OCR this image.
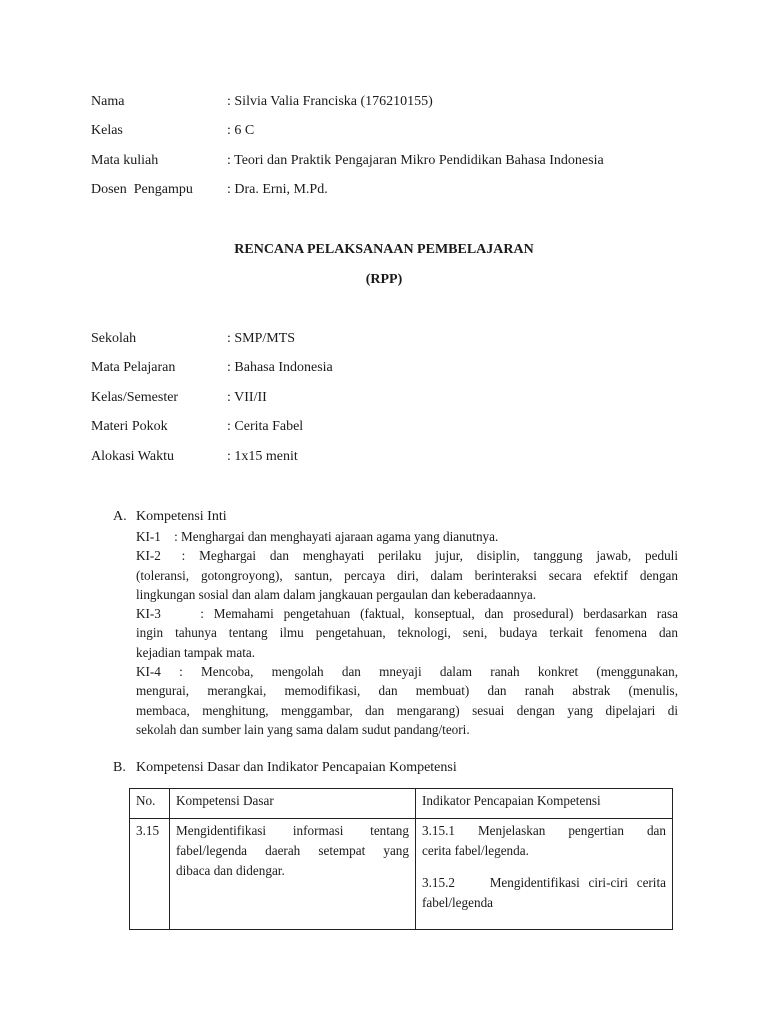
Nama	: Silvia Valia Franciska (176210155)
Kelas	: 6 C
Mata kuliah	: Teori dan Praktik Pengajaran Mikro Pendidikan Bahasa Indonesia
Dosen  Pengampu : Dra. Erni, M.Pd.
RENCANA PELAKSANAAN PEMBELAJARAN
(RPP)
Sekolah	: SMP/MTS
Mata Pelajaran	: Bahasa Indonesia
Kelas/Semester	: VII/II
Materi Pokok	: Cerita Fabel
Alokasi Waktu	: 1x15 menit
A. Kompetensi Inti
KI-1    : Menghargai dan menghayati ajaraan agama yang dianutnya.
KI-2   :  Meghargai  dan  menghayati  perilaku  jujur,  disiplin,  tanggung  jawab,  peduli
(toleransi, gotongroyong), santun, percaya diri, dalam berinteraksi secara efektif dengan
lingkungan sosial dan alam dalam jangkauan pergaulan dan keberadaannya.
KI-3    : Memahami pengetahuan (faktual, konseptual, dan prosedural) berdasarkan rasa
ingin tahunya tentang ilmu pengetahuan, teknologi, seni, budaya terkait fenomena dan
kejadian tampak mata.
KI-4   :   Mencoba,   mengolah   dan   mneyaji   dalam   ranah   konkret   (menggunakan,
mengurai,  merangkai,  memodifikasi,  dan  membuat)  dan  ranah  abstrak  (menulis,
membaca, menghitung, menggambar, dan mengarang) sesuai dengan yang dipelajari di
sekolah dan sumber lain yang sama dalam sudut pandang/teori.
B. Kompetensi Dasar dan Indikator Pencapaian Kompetensi
No.	Kompetensi Dasar	Indikator Pencapaian Kompetensi
3.15	Mengidentifikasi   informasi   tentang
fabel/legenda  daerah  setempat  yang
dibaca dan didengar.	3.15.1   Menjelaskan   pengertian   dan
cerita fabel/legenda.
3.15.2    Mengidentifikasi ciri-ciri cerita
fabel/legenda
